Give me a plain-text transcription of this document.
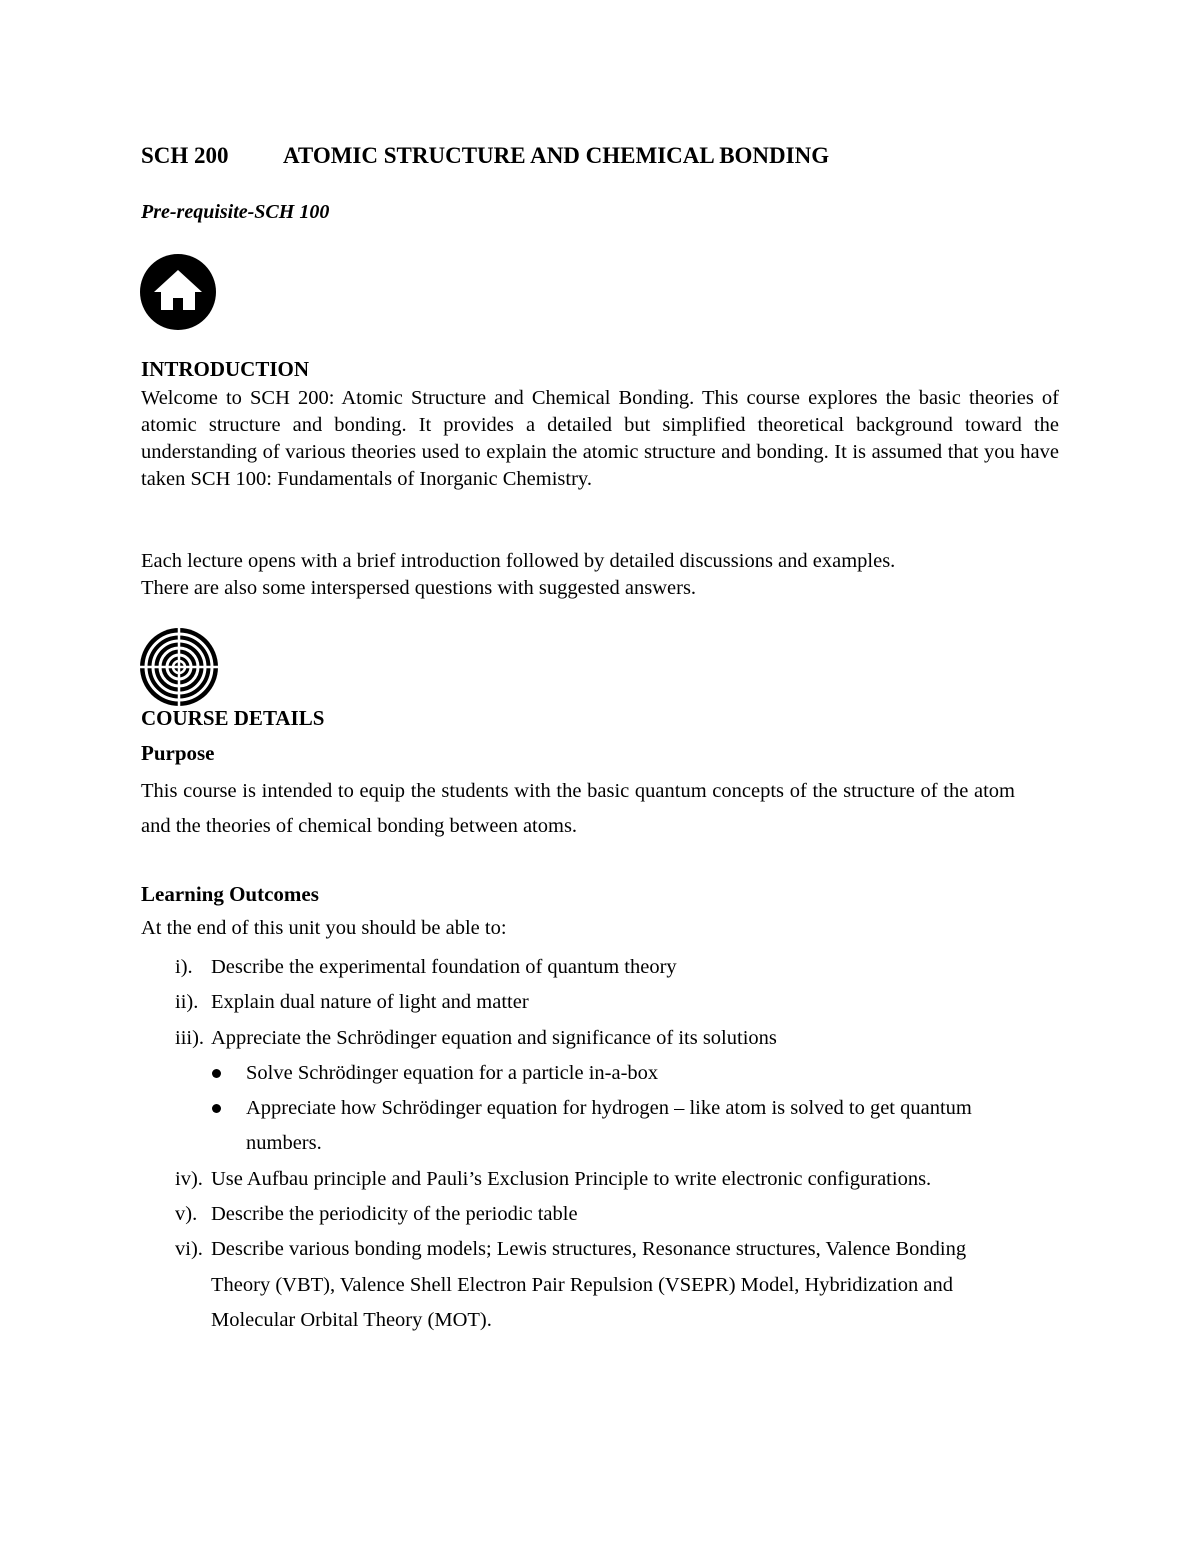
SCH 200 ATOMIC STRUCTURE AND CHEMICAL BONDING
Pre-requisite-SCH 100
INTRODUCTION

Welcome to SCH 200: Atomic Structure and Chemical Bonding. This course explores the basic theories of atomic structure and bonding. It provides a detailed but simplified theoretical background toward the understanding of various theories used to explain the atomic structure and bonding. It is assumed that you have taken SCH 100: Fundamentals of Inorganic Chemistry.

Each lecture opens with a brief introduction followed by detailed discussions and examples.
There are also some interspersed questions with suggested answers.
COURSE DETAILS
Purpose

This course is intended to equip the students with the basic quantum concepts of the structure of the atom and the theories of chemical bonding between atoms.

Learning Outcomes
At the end of this unit you should be able to:
i). Describe the experimental foundation of quantum theory
ii). Explain dual nature of light and matter
iii). Appreciate the Schrödinger equation and significance of its solutions
Solve Schrödinger equation for a particle in-a-box
Appreciate how Schrödinger equation for hydrogen – like atom is solved to get quantum numbers.
iv). Use Aufbau principle and Pauli’s Exclusion Principle to write electronic configurations.
v). Describe the periodicity of the periodic table
vi). Describe various bonding models; Lewis structures, Resonance structures, Valence Bonding Theory (VBT), Valence Shell Electron Pair Repulsion (VSEPR) Model, Hybridization and Molecular Orbital Theory (MOT).
